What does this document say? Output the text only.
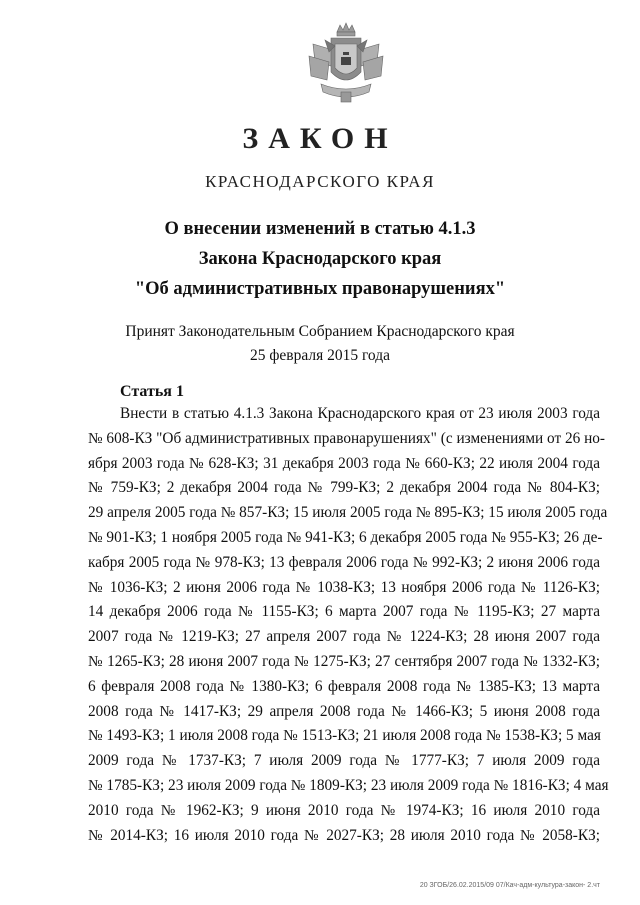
ЗАКОН
КРАСНОДАРСКОГО КРАЯ
О внесении изменений в статью 4.1.3
Закона Краснодарского края
"Об административных правонарушениях"
Принят Законодательным Собранием Краснодарского края
25 февраля 2015 года
Статья 1
Внести в статью 4.1.3 Закона Краснодарского края от 23 июля 2003 года
№ 608-КЗ "Об административных правонарушениях" (с изменениями от 26 но-
ября 2003 года № 628-КЗ; 31 декабря 2003 года № 660-КЗ; 22 июля 2004 года
№ 759-КЗ; 2 декабря 2004 года № 799-КЗ; 2 декабря 2004 года № 804-КЗ;
29 апреля 2005 года № 857-КЗ; 15 июля 2005 года № 895-КЗ; 15 июля 2005 года
№ 901-КЗ; 1 ноября 2005 года № 941-КЗ; 6 декабря 2005 года № 955-КЗ; 26 де-
кабря 2005 года № 978-КЗ; 13 февраля 2006 года № 992-КЗ; 2 июня 2006 года
№ 1036-КЗ; 2 июня 2006 года № 1038-КЗ; 13 ноября 2006 года № 1126-КЗ;
14 декабря 2006 года № 1155-КЗ; 6 марта 2007 года № 1195-КЗ; 27 марта
2007 года № 1219-КЗ; 27 апреля 2007 года № 1224-КЗ; 28 июня 2007 года
№ 1265-КЗ; 28 июня 2007 года № 1275-КЗ; 27 сентября 2007 года № 1332-КЗ;
6 февраля 2008 года № 1380-КЗ; 6 февраля 2008 года № 1385-КЗ; 13 марта
2008 года № 1417-КЗ; 29 апреля 2008 года № 1466-КЗ; 5 июня 2008 года
№ 1493-КЗ; 1 июля 2008 года № 1513-КЗ; 21 июля 2008 года № 1538-КЗ; 5 мая
2009 года № 1737-КЗ; 7 июля 2009 года № 1777-КЗ; 7 июля 2009 года
№ 1785-КЗ; 23 июля 2009 года № 1809-КЗ; 23 июля 2009 года № 1816-КЗ; 4 мая
2010 года № 1962-КЗ; 9 июня 2010 года № 1974-КЗ; 16 июля 2010 года
№ 2014-КЗ; 16 июля 2010 года № 2027-КЗ; 28 июля 2010 года № 2058-КЗ;
20 ЗГОБ/26.02.2015/09 07/Кач-адм-культура-закон- 2.чт
